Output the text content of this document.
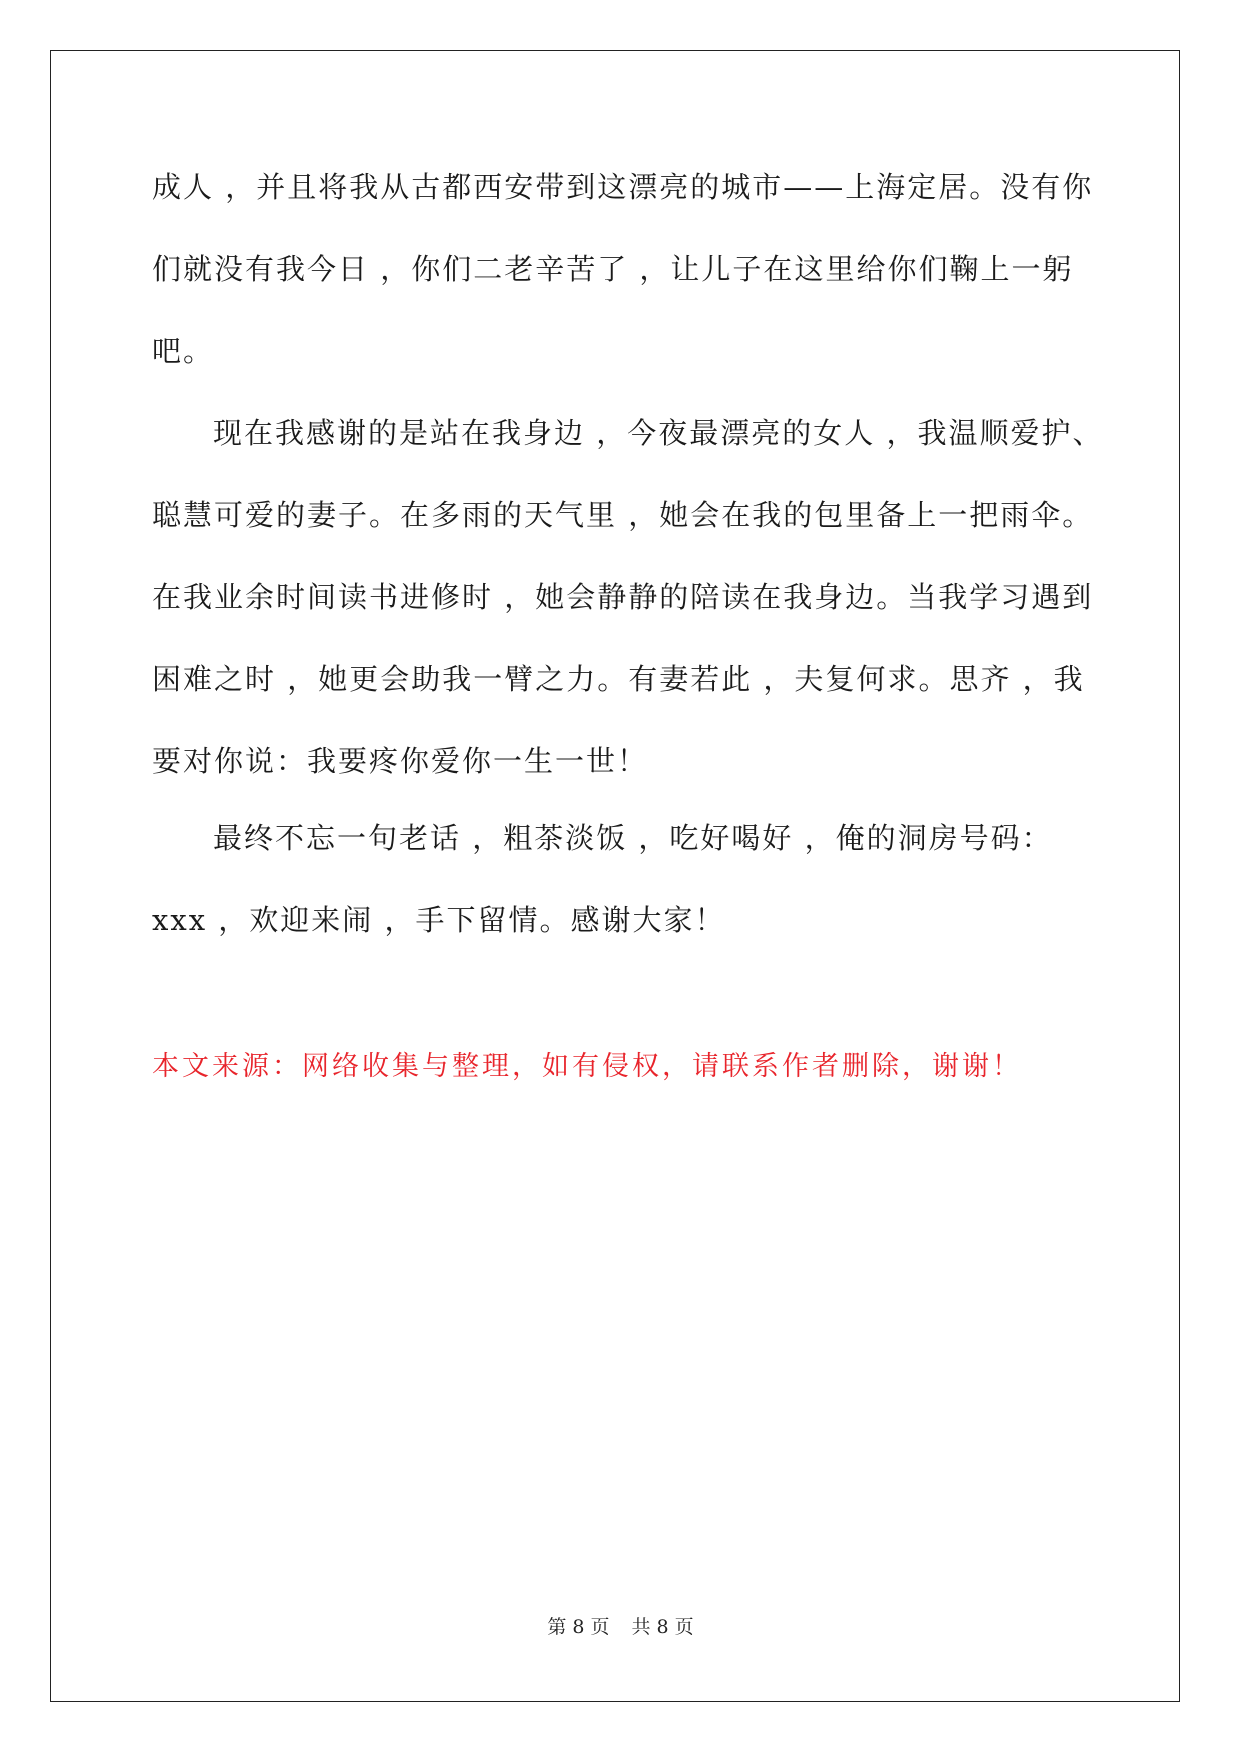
成人 ，并且将我从古都西安带到这漂亮的城市——上海定居。没有你
们就没有我今日 ，你们二老辛苦了 ，让儿子在这里给你们鞠上一躬
吧。
现在我感谢的是站在我身边 ，今夜最漂亮的女人 ，我温顺爱护、
聪慧可爱的妻子。在多雨的天气里 ，她会在我的包里备上一把雨伞。
在我业余时间读书进修时 ，她会静静的陪读在我身边。当我学习遇到
困难之时 ，她更会助我一臂之力。有妻若此 ，夫复何求。思齐 ，我
要对你说：我要疼你爱你一生一世！
最终不忘一句老话 ，粗茶淡饭 ，吃好喝好 ，俺的洞房号码：
xxx ，欢迎来闹 ，手下留情。感谢大家！
本文来源：网络收集与整理，如有侵权，请联系作者删除，谢谢！
第 8 页 共 8 页
